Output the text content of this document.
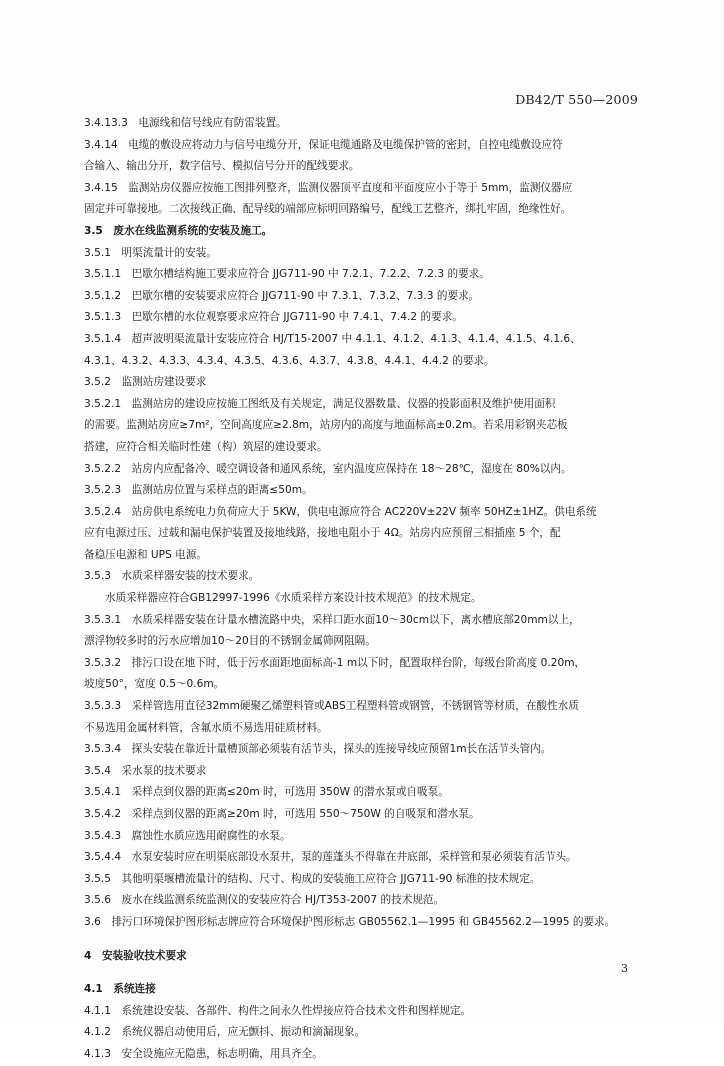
DB42/T 550—2009
3.4.13.3　电源线和信号线应有防雷装置。
3.4.14　电缆的敷设应将动力与信号电缆分开，保证电缆通路及电缆保护管的密封，自控电缆敷设应符
合输入、输出分开，数字信号、模拟信号分开的配线要求。
3.4.15　监测站房仪器应按施工图排列整齐，监测仪器顶平直度和平面度应小于等于 5mm，监测仪器应
固定并可靠接地。二次接线正确、配导线的端部应标明回路编号，配线工艺整齐，绑扎牢固，绝缘性好。
3.5　废水在线监测系统的安装及施工。
3.5.1　明渠流量计的安装。
3.5.1.1　巴歇尔槽结构施工要求应符合 JJG711-90 中 7.2.1、7.2.2、7.2.3 的要求。
3.5.1.2　巴歇尔槽的安装要求应符合 JJG711-90 中 7.3.1、7.3.2、7.3.3 的要求。
3.5.1.3　巴歇尔槽的水位观察要求应符合 JJG711-90 中 7.4.1、7.4.2 的要求。
3.5.1.4　超声波明渠流量计安装应符合 HJ/T15-2007 中 4.1.1、4.1.2、4.1.3、4.1.4、4.1.5、4.1.6、
4.3.1、4.3.2、4.3.3、4.3.4、4.3.5、4.3.6、4.3.7、4.3.8、4.4.1、4.4.2 的要求。
3.5.2　监测站房建设要求
3.5.2.1　监测站房的建设应按施工图纸及有关规定，满足仪器数量、仪器的投影面积及维护使用面积
的需要。监测站房应≥7m²，空间高度应≥2.8m，站房内的高度与地面标高±0.2m。若采用彩钢夹芯板
搭建，应符合相关临时性建（构）筑屋的建设要求。
3.5.2.2　站房内应配备冷、暖空调设备和通风系统，室内温度应保持在 18～28℃，湿度在 80%以内。
3.5.2.3　监测站房位置与采样点的距离≤50m。
3.5.2.4　站房供电系统电力负荷应大于 5KW，供电电源应符合 AC220V±22V 频率 50HZ±1HZ。供电系统
应有电源过压、过载和漏电保护装置及接地线路，接地电阻小于 4Ω。站房内应预留三相插座 5 个，配
备稳压电源和 UPS 电源。
3.5.3　水质采样器安装的技术要求。
水质采样器应符合GB12997-1996《水质采样方案设计技术规范》的技术规定。
3.5.3.1　水质采样器安装在计量水槽流路中央，采样口距水面10～30cm以下，离水槽底部20mm以上，
漂浮物较多时的污水应增加10～20目的不锈钢金属筛网阻隔。
3.5.3.2　排污口设在地下时，低于污水面距地面标高-1 m以下时，配置取样台阶，每级台阶高度 0.20m，
坡度50°，宽度 0.5～0.6m。
3.5.3.3　采样管选用直径32mm硬聚乙烯塑料管或ABS工程塑料管或钢管，不锈钢管等材质，在酸性水质
不易选用金属材料管，含氟水质不易选用硅质材料。
3.5.3.4　探头安装在靠近计量槽顶部必须装有活节头，探头的连接导线应预留1m长在活节头管内。
3.5.4　采水泵的技术要求
3.5.4.1　采样点到仪器的距离≤20m 时，可选用 350W 的潜水泵或自吸泵。
3.5.4.2　采样点到仪器的距离≥20m 时，可选用 550～750W 的自吸泵和潜水泵。
3.5.4.3　腐蚀性水质应选用耐腐性的水泵。
3.5.4.4　水泵安装时应在明渠底部设水泵井，泵的莲蓬头不得靠在井底部，采样管和泵必须装有活节头。
3.5.5　其他明渠堰槽流量计的结构、尺寸、构成的安装施工应符合 JJG711-90 标准的技术规定。
3.5.6　废水在线监测系统监测仪的安装应符合 HJ/T353-2007 的技术规范。
3.6　排污口环境保护图形标志牌应符合环境保护图形标志 GB05562.1—1995 和 GB45562.2—1995 的要求。
4　安装验收技术要求
4.1　系统连接
4.1.1　系统建设安装、各部件、构件之间永久性焊接应符合技术文件和图样规定。
4.1.2　系统仪器启动使用后，应无颤抖、振动和滴漏现象。
4.1.3　安全设施应无隐患，标志明确，用具齐全。
3
